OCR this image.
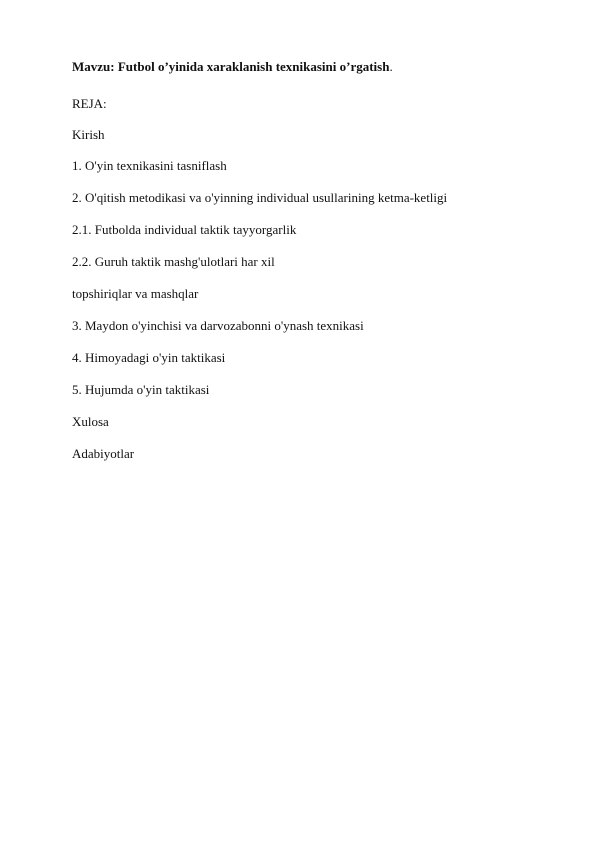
Mavzu: Futbol o’yinida xaraklanish texnikasini o’rgatish.
REJA:
Kirish
1. O'yin texnikasini tasniflash
2. O'qitish metodikasi va o'yinning individual usullarining ketma-ketligi
2.1. Futbolda individual taktik tayyorgarlik
2.2. Guruh taktik mashg'ulotlari har xil
topshiriqlar va mashqlar
3. Maydon o'yinchisi va darvozabonni o'ynash texnikasi
4. Himoyadagi o'yin taktikasi
5. Hujumda o'yin taktikasi
Xulosa
Adabiyotlar
